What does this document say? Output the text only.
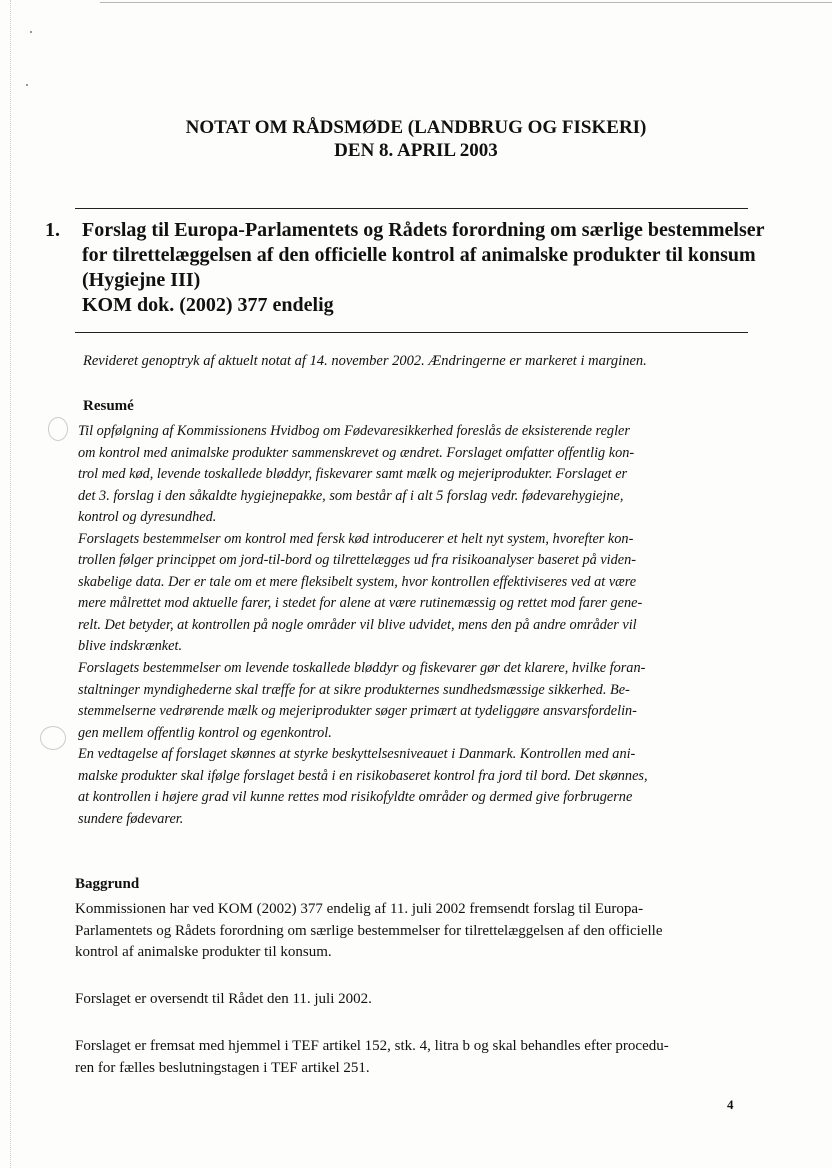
NOTAT OM RÅDSMØDE (LANDBRUG OG FISKERI)
DEN 8. APRIL 2003
1. Forslag til Europa-Parlamentets og Rådets forordning om særlige bestemmelser
for tilrettelæggelsen af den officielle kontrol af animalske produkter til konsum
(Hygiejne III)
KOM dok. (2002) 377 endelig
Revideret genoptryk af aktuelt notat af 14. november 2002. Ændringerne er markeret i marginen.
Resumé
Til opfølgning af Kommissionens Hvidbog om Fødevaresikkerhed foreslås de eksisterende regler
om kontrol med animalske produkter sammenskrevet og ændret. Forslaget omfatter offentlig kon-
trol med kød, levende toskallede bløddyr, fiskevarer samt mælk og mejeriprodukter. Forslaget er
det 3. forslag i den såkaldte hygiejnepakke, som består af i alt 5 forslag vedr. fødevarehygiejne,
kontrol og dyresundhed.
Forslagets bestemmelser om kontrol med fersk kød introducerer et helt nyt system, hvorefter kon-
trollen følger princippet om jord-til-bord og tilrettelægges ud fra risikoanalyser baseret på viden-
skabelige data. Der er tale om et mere fleksibelt system, hvor kontrollen effektiviseres ved at være
mere målrettet mod aktuelle farer, i stedet for alene at være rutinemæssig og rettet mod farer gene-
relt. Det betyder, at kontrollen på nogle områder vil blive udvidet, mens den på andre områder vil
blive indskrænket.
Forslagets bestemmelser om levende toskallede bløddyr og fiskevarer gør det klarere, hvilke foran-
staltninger myndighederne skal træffe for at sikre produkternes sundhedsmæssige sikkerhed. Be-
stemmelserne vedrørende mælk og mejeriprodukter søger primært at tydeliggøre ansvarsfordelin-
gen mellem offentlig kontrol og egenkontrol.
En vedtagelse af forslaget skønnes at styrke beskyttelsesniveauet i Danmark. Kontrollen med ani-
malske produkter skal ifølge forslaget bestå i en risikobaseret kontrol fra jord til bord. Det skønnes,
at kontrollen i højere grad vil kunne rettes mod risikofyldte områder og dermed give forbrugerne
sundere fødevarer.
Baggrund
Kommissionen har ved KOM (2002) 377 endelig af 11. juli 2002 fremsendt forslag til Europa-
Parlamentets og Rådets forordning om særlige bestemmelser for tilrettelæggelsen af den officielle
kontrol af animalske produkter til konsum.
Forslaget er oversendt til Rådet den 11. juli 2002.
Forslaget er fremsat med hjemmel i TEF artikel 152, stk. 4, litra b og skal behandles efter procedu-
ren for fælles beslutningstagen i TEF artikel 251.
4
